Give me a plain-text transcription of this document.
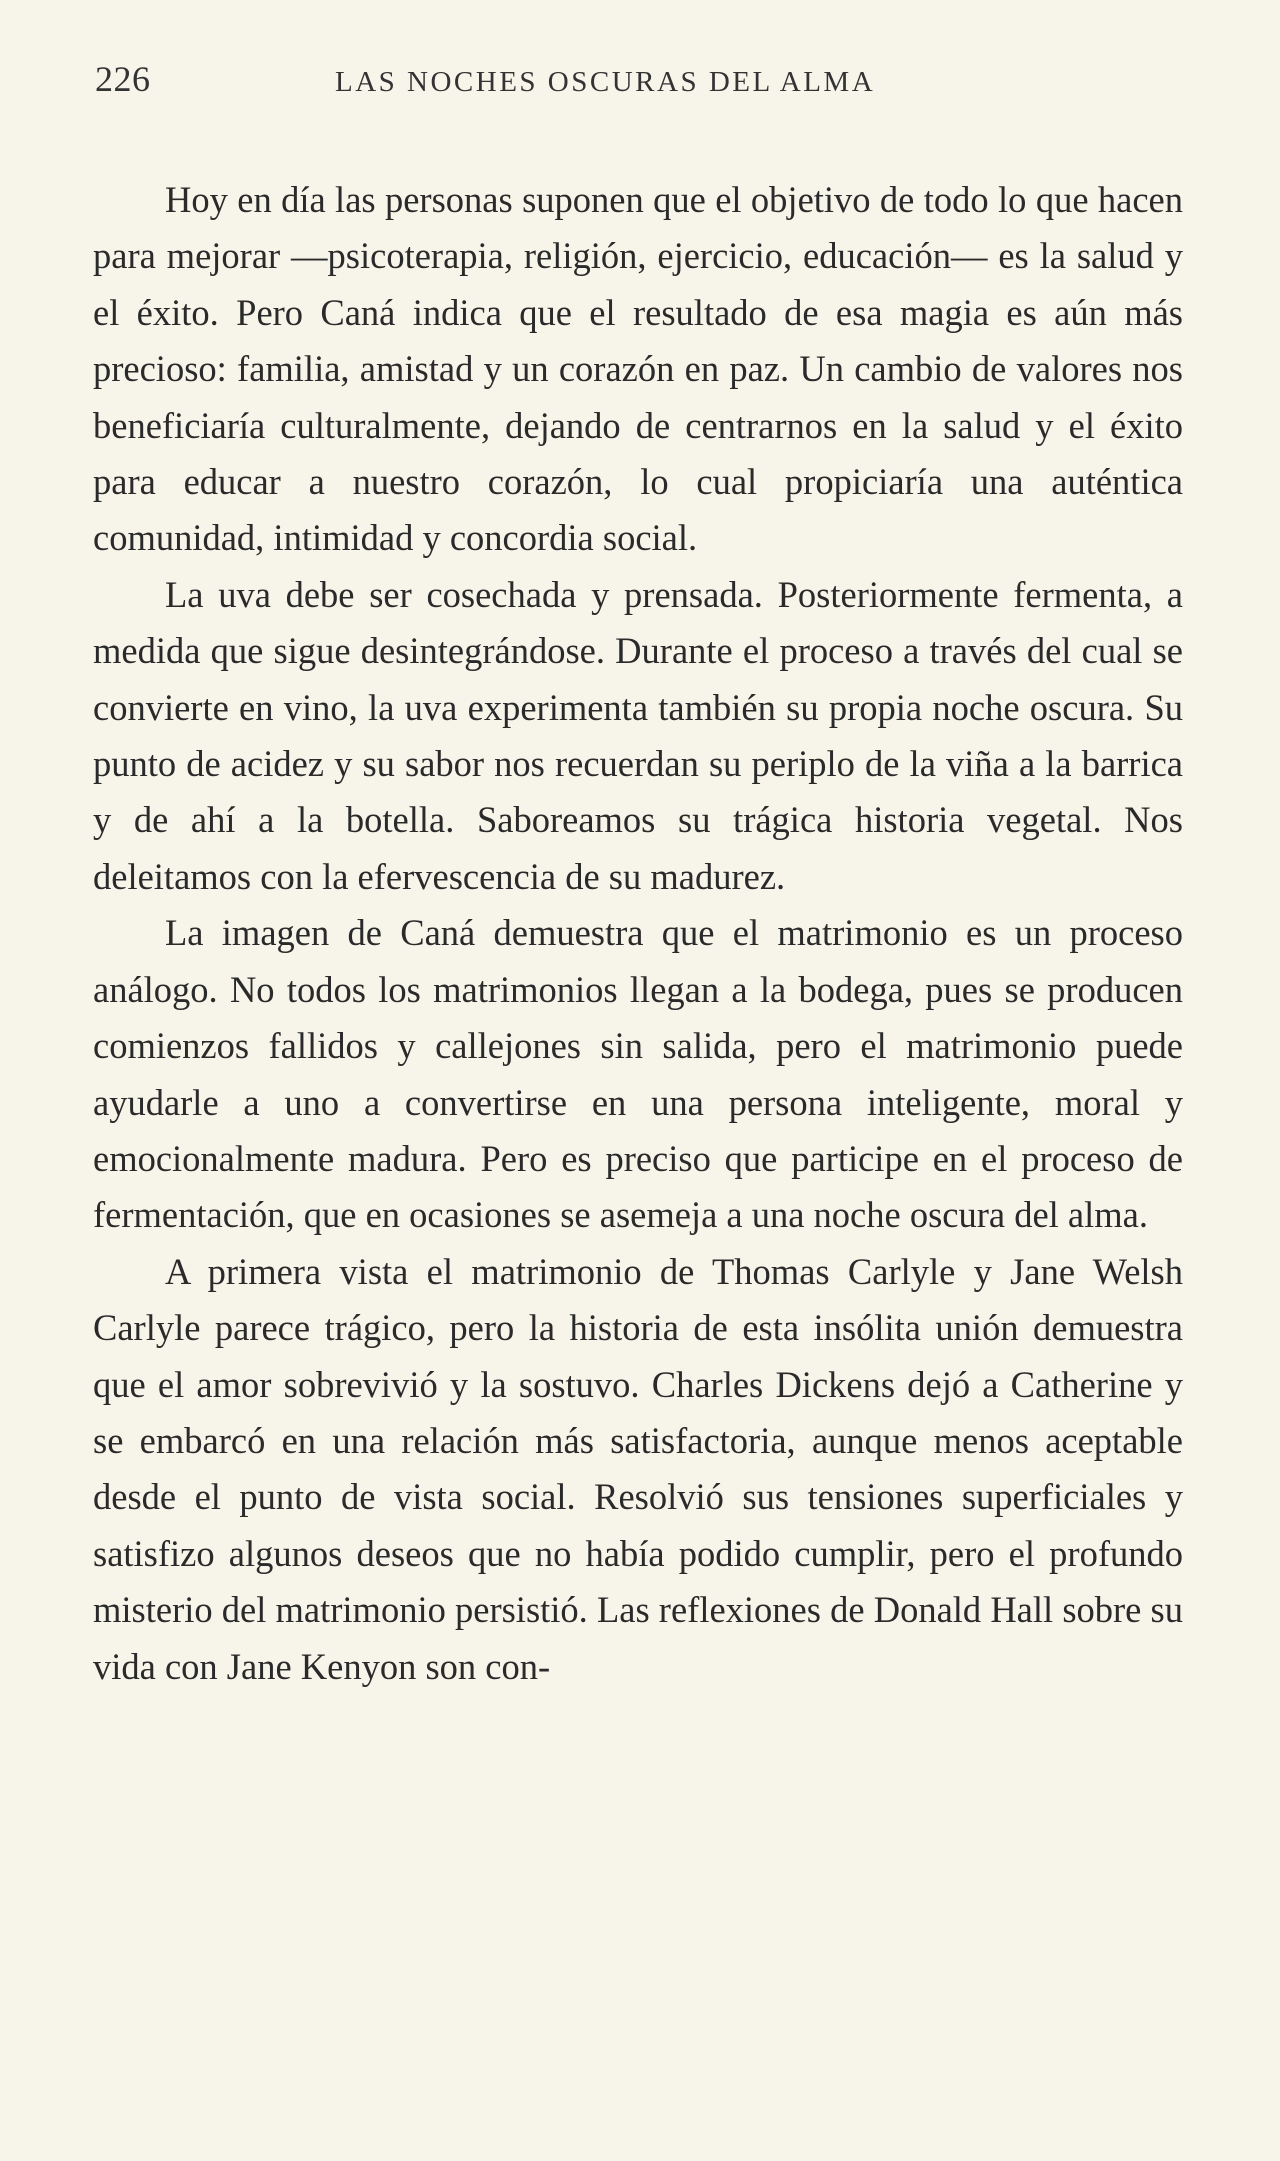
226	LAS NOCHES OSCURAS DEL ALMA

Hoy en día las personas suponen que el objetivo de todo lo que hacen para mejorar —psicoterapia, religión, ejercicio, educación— es la salud y el éxito. Pero Caná indica que el resultado de esa magia es aún más precioso: familia, amistad y un corazón en paz. Un cambio de valores nos beneficiaría culturalmente, dejando de centrarnos en la salud y el éxito para educar a nuestro corazón, lo cual propiciaría una auténtica comunidad, intimidad y concordia social.

La uva debe ser cosechada y prensada. Posteriormente fermenta, a medida que sigue desintegrándose. Durante el proceso a través del cual se convierte en vino, la uva experimenta también su propia noche oscura. Su punto de acidez y su sabor nos recuerdan su periplo de la viña a la barrica y de ahí a la botella. Saboreamos su trágica historia vegetal. Nos deleitamos con la efervescencia de su madurez.

La imagen de Caná demuestra que el matrimonio es un proceso análogo. No todos los matrimonios llegan a la bodega, pues se producen comienzos fallidos y callejones sin salida, pero el matrimonio puede ayudarle a uno a convertirse en una persona inteligente, moral y emocionalmente madura. Pero es preciso que participe en el proceso de fermentación, que en ocasiones se asemeja a una noche oscura del alma.

A primera vista el matrimonio de Thomas Carlyle y Jane Welsh Carlyle parece trágico, pero la historia de esta insólita unión demuestra que el amor sobrevivió y la sostuvo. Charles Dickens dejó a Catherine y se embarcó en una relación más satisfactoria, aunque menos aceptable desde el punto de vista social. Resolvió sus tensiones superficiales y satisfizo algunos deseos que no había podido cumplir, pero el profundo misterio del matrimonio persistió. Las reflexiones de Donald Hall sobre su vida con Jane Kenyon son con-
